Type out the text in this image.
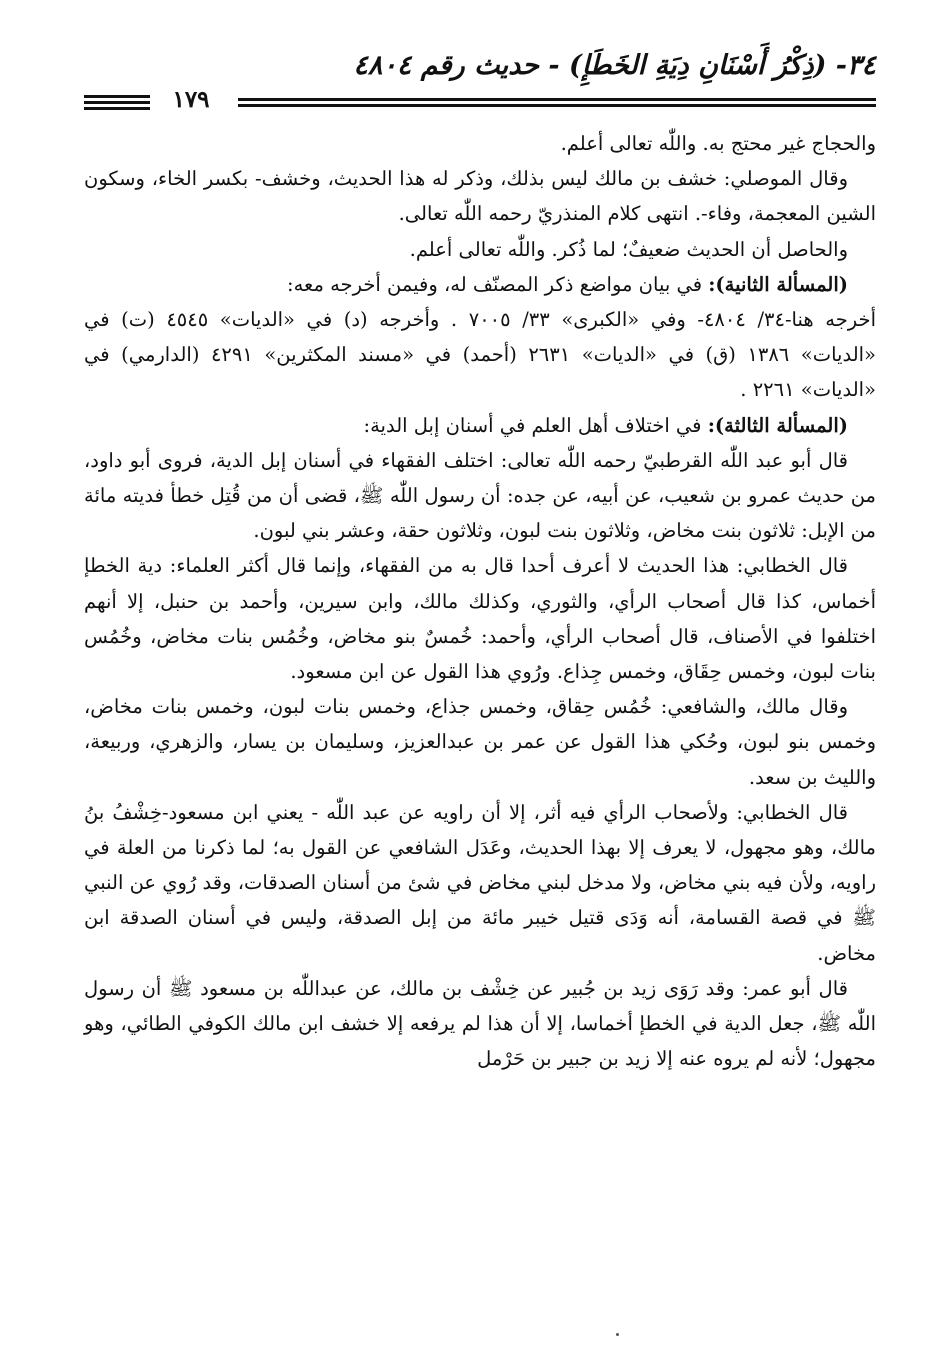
٣٤- (ذِكْرُ أَسْنَانِ دِيَةِ الخَطَإِ) - حديث رقم ٤٨٠٤
١٧٩

والحجاج غير محتج به. واللّٰه تعالى أعلم.

وقال الموصلي: خشف بن مالك ليس بذلك، وذكر له هذا الحديث، وخشف- بكسر الخاء، وسكون الشين المعجمة، وفاء-. انتهى كلام المنذريّ رحمه اللّٰه تعالى.

والحاصل أن الحديث ضعيفٌ؛ لما ذُكر. واللّٰه تعالى أعلم.

(المسألة الثانية): في بيان مواضع ذكر المصنّف له، وفيمن أخرجه معه:

أخرجه هنا-٣٤/ ٤٨٠٤- وفي «الكبرى» ٣٣/ ٧٠٠٥ . وأخرجه (د) في «الديات» ٤٥٤٥ (ت) في «الديات» ١٣٨٦ (ق) في «الديات» ٢٦٣١ (أحمد) في «مسند المكثرين» ٤٢٩١ (الدارمي) في «الديات» ٢٢٦١ .

(المسألة الثالثة): في اختلاف أهل العلم في أسنان إبل الدية:

قال أبو عبد اللّٰه القرطبيّ رحمه اللّٰه تعالى: اختلف الفقهاء في أسنان إبل الدية، فروى أبو داود، من حديث عمرو بن شعيب، عن أبيه، عن جده: أن رسول اللّٰه ﷺ، قضى أن من قُتِل خطأ فديته مائة من الإبل: ثلاثون بنت مخاض، وثلاثون بنت لبون، وثلاثون حقة، وعشر بني لبون.

قال الخطابي: هذا الحديث لا أعرف أحدا قال به من الفقهاء، وإنما قال أكثر العلماء: دية الخطإ أخماس، كذا قال أصحاب الرأي، والثوري، وكذلك مالك، وابن سيرين، وأحمد بن حنبل، إلا أنهم اختلفوا في الأصناف، قال أصحاب الرأي، وأحمد: خُمسٌ بنو مخاض، وخُمُس بنات مخاض، وخُمُس بنات لبون، وخمس حِقَاق، وخمس جِذاع. ورُوي هذا القول عن ابن مسعود.

وقال مالك، والشافعي: خُمُس حِقاق، وخمس جذاع، وخمس بنات لبون، وخمس بنات مخاض، وخمس بنو لبون، وحُكي هذا القول عن عمر بن عبدالعزيز، وسليمان بن يسار، والزهري، وربيعة، والليث بن سعد.

قال الخطابي: ولأصحاب الرأي فيه أثر، إلا أن راويه عن عبد اللّٰه - يعني ابن مسعود-خِشْفُ بنُ مالك، وهو مجهول، لا يعرف إلا بهذا الحديث، وعَدَل الشافعي عن القول به؛ لما ذكرنا من العلة في راويه، ولأن فيه بني مخاض، ولا مدخل لبني مخاض في شئ من أسنان الصدقات، وقد رُوي عن النبي ﷺ في قصة القسامة، أنه وَدَى قتيل خيبر مائة من إبل الصدقة، وليس في أسنان الصدقة ابن مخاض.

قال أبو عمر: وقد رَوَى زيد بن جُبير عن خِشْف بن مالك، عن عبداللّٰه بن مسعود ﷺ أن رسول اللّٰه ﷺ، جعل الدية في الخطإ أخماسا، إلا أن هذا لم يرفعه إلا خشف ابن مالك الكوفي الطائي، وهو مجهول؛ لأنه لم يروه عنه إلا زيد بن جبير بن حَرْمل
